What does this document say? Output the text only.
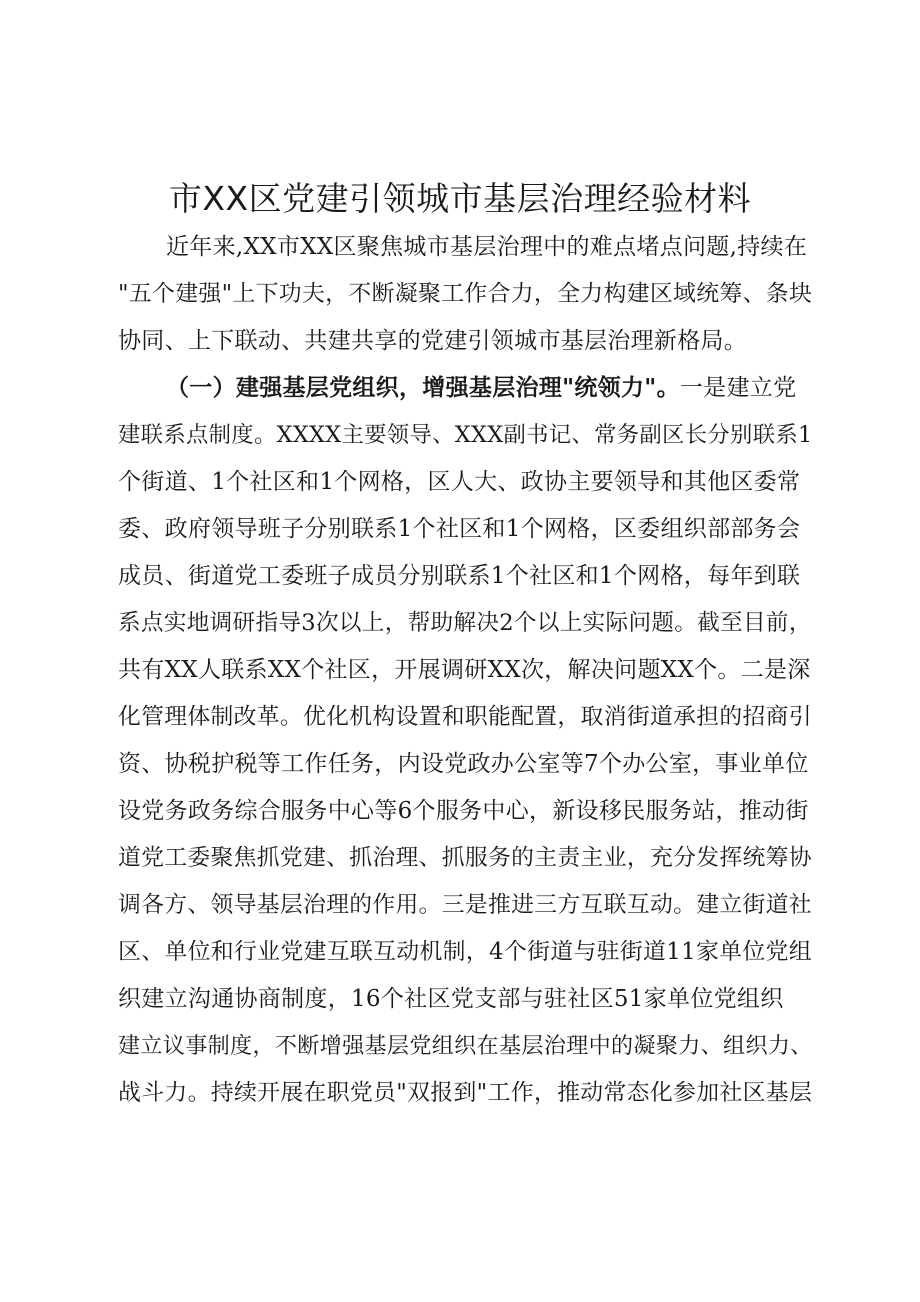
市XX区党建引领城市基层治理经验材料
近年来,XX市XX区聚焦城市基层治理中的难点堵点问题,持续在
"五个建强"上下功夫，不断凝聚工作合力，全力构建区域统筹、条块
协同、上下联动、共建共享的党建引领城市基层治理新格局。
（一）建强基层党组织，增强基层治理"统领力"。一是建立党
建联系点制度。XXXX主要领导、XXX副书记、常务副区长分别联系1
个街道、1个社区和1个网格，区人大、政协主要领导和其他区委常
委、政府领导班子分别联系1个社区和1个网格，区委组织部部务会
成员、街道党工委班子成员分别联系1个社区和1个网格，每年到联
系点实地调研指导3次以上，帮助解决2个以上实际问题。截至目前，
共有XX人联系XX个社区，开展调研XX次，解决问题XX个。二是深
化管理体制改革。优化机构设置和职能配置，取消街道承担的招商引
资、协税护税等工作任务，内设党政办公室等7个办公室，事业单位
设党务政务综合服务中心等6个服务中心，新设移民服务站，推动街
道党工委聚焦抓党建、抓治理、抓服务的主责主业，充分发挥统筹协
调各方、领导基层治理的作用。三是推进三方互联互动。建立街道社
区、单位和行业党建互联互动机制，4个街道与驻街道11家单位党组
织建立沟通协商制度，16个社区党支部与驻社区51家单位党组织
建立议事制度，不断增强基层党组织在基层治理中的凝聚力、组织力、
战斗力。持续开展在职党员"双报到"工作，推动常态化参加社区基层
